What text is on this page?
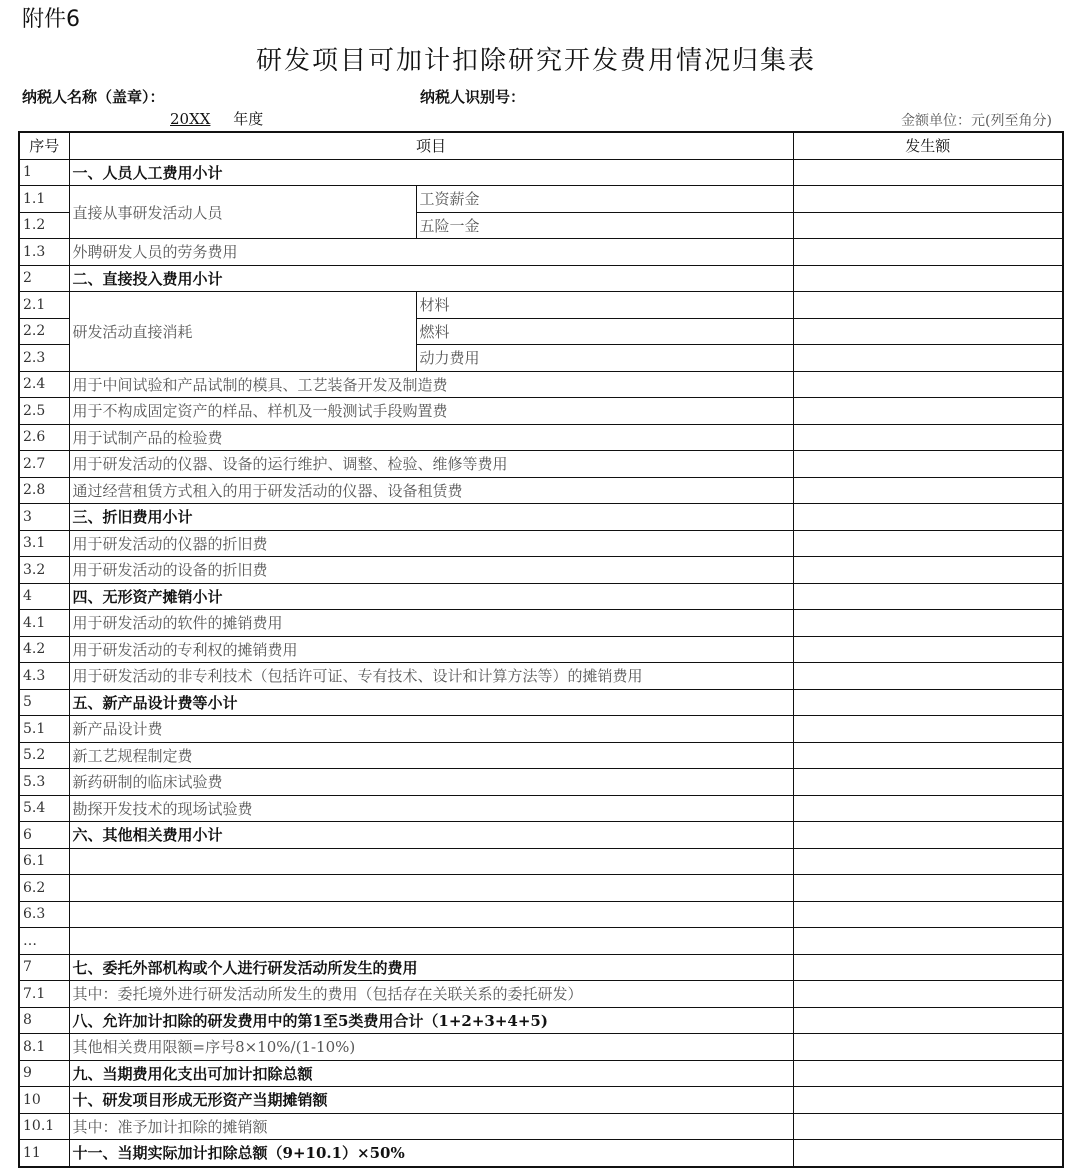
附件6
研发项目可加计扣除研究开发费用情况归集表
纳税人名称（盖章）：	纳税人识别号：
20XX 年度	金额单位：元(列至角分)
序号	项目		发生额
1	一、人员人工费用小计		
1.1	直接从事研发活动人员	工资薪金	
1.2		五险一金	
1.3	外聘研发人员的劳务费用		
2	二、直接投入费用小计		
2.1	研发活动直接消耗	材料	
2.2		燃料	
2.3		动力费用	
2.4	用于中间试验和产品试制的模具、工艺装备开发及制造费		
2.5	用于不构成固定资产的样品、样机及一般测试手段购置费		
2.6	用于试制产品的检验费		
2.7	用于研发活动的仪器、设备的运行维护、调整、检验、维修等费用		
2.8	通过经营租赁方式租入的用于研发活动的仪器、设备租赁费		
3	三、折旧费用小计		
3.1	用于研发活动的仪器的折旧费		
3.2	用于研发活动的设备的折旧费		
4	四、无形资产摊销小计		
4.1	用于研发活动的软件的摊销费用		
4.2	用于研发活动的专利权的摊销费用		
4.3	用于研发活动的非专利技术（包括许可证、专有技术、设计和计算方法等）的摊销费用		
5	五、新产品设计费等小计		
5.1	新产品设计费		
5.2	新工艺规程制定费		
5.3	新药研制的临床试验费		
5.4	勘探开发技术的现场试验费		
6	六、其他相关费用小计		
6.1			
6.2			
6.3			
…			
7	七、委托外部机构或个人进行研发活动所发生的费用		
7.1	其中：委托境外进行研发活动所发生的费用（包括存在关联关系的委托研发）		
8	八、允许加计扣除的研发费用中的第1至5类费用合计（1+2+3+4+5)		
8.1	其他相关费用限额=序号8×10%/(1-10%)		
9	九、当期费用化支出可加计扣除总额		
10	十、研发项目形成无形资产当期摊销额		
10.1	其中：准予加计扣除的摊销额		
11	十一、当期实际加计扣除总额（9+10.1）×50%		
